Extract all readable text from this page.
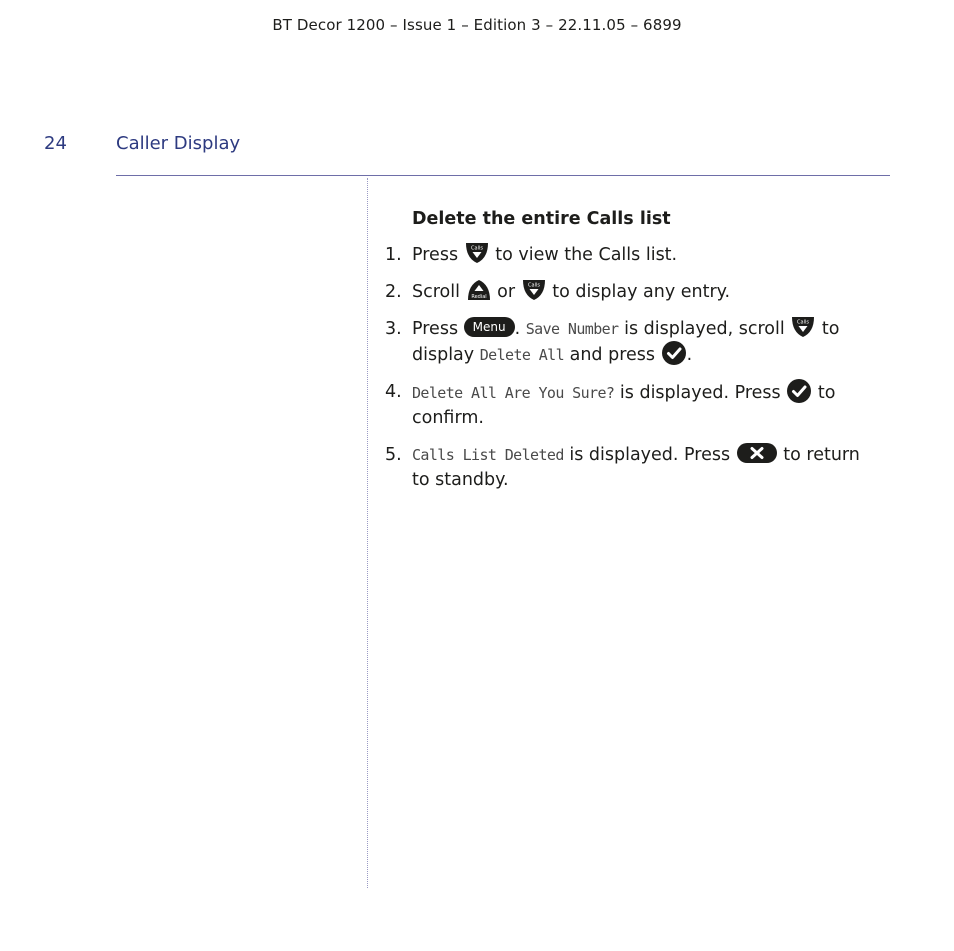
BT Decor 1200 – Issue 1 – Edition 3 – 22.11.05 – 6899
24	Caller Display
Delete the entire Calls list
1. Press	Calls to view the Calls list.
2. Scroll Redial or	Calls to display any entry.
3. Press Menu . Save Number is displayed, scroll	Calls to display Delete All and press .
4. Delete All Are You Sure? is displayed. Press to confirm.
5. Calls List Deleted is displayed. Press	to return to standby.
